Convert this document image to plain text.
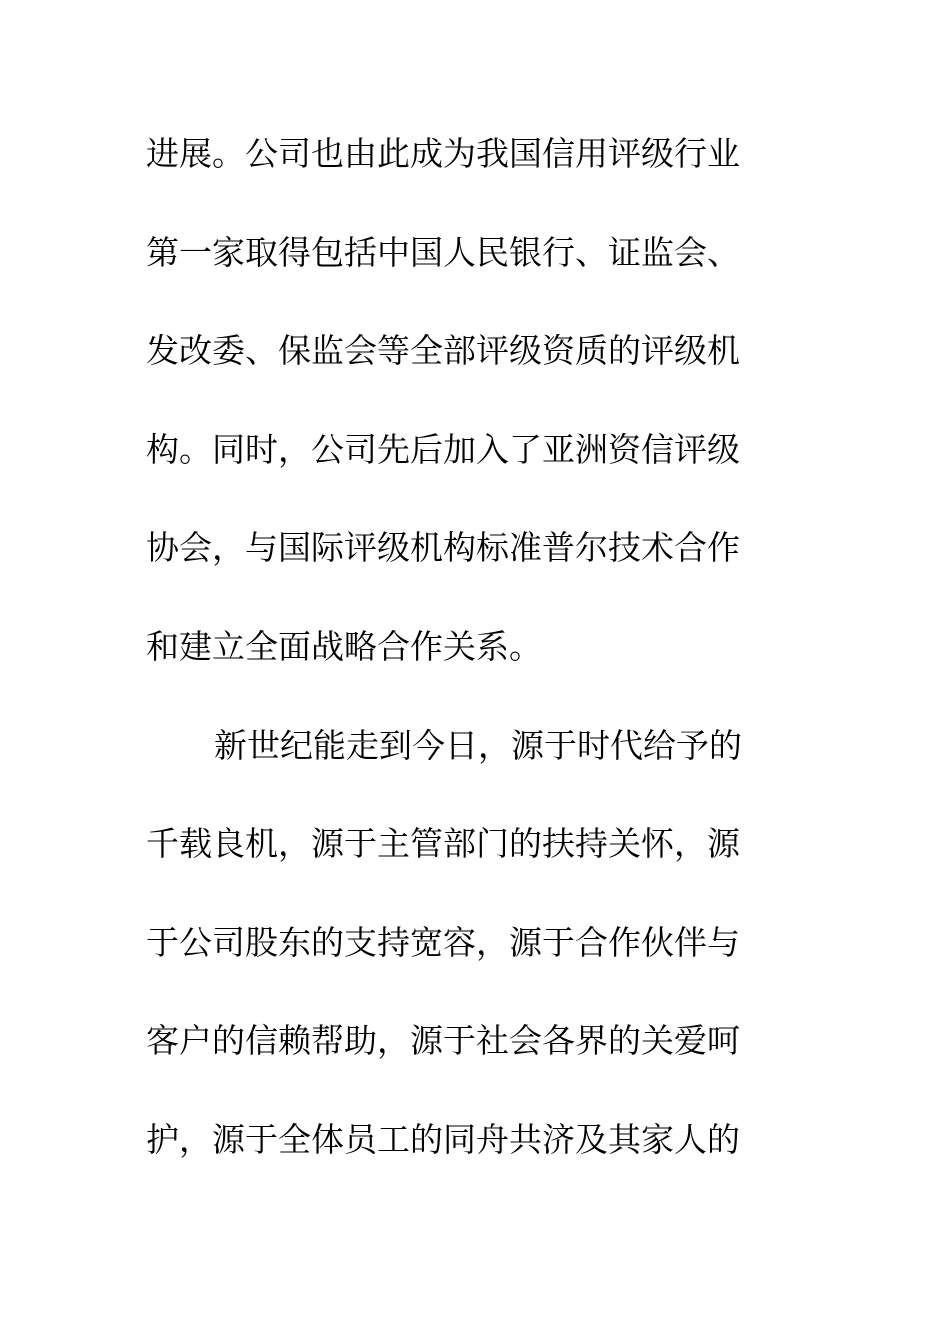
进展。公司也由此成为我国信用评级行业
第一家取得包括中国人民银行、证监会、
发改委、保监会等全部评级资质的评级机
构。同时，公司先后加入了亚洲资信评级
协会，与国际评级机构标准普尔技术合作
和建立全面战略合作关系。
新世纪能走到今日，源于时代给予的
千载良机，源于主管部门的扶持关怀，源
于公司股东的支持宽容，源于合作伙伴与
客户的信赖帮助，源于社会各界的关爱呵
护，源于全体员工的同舟共济及其家人的
